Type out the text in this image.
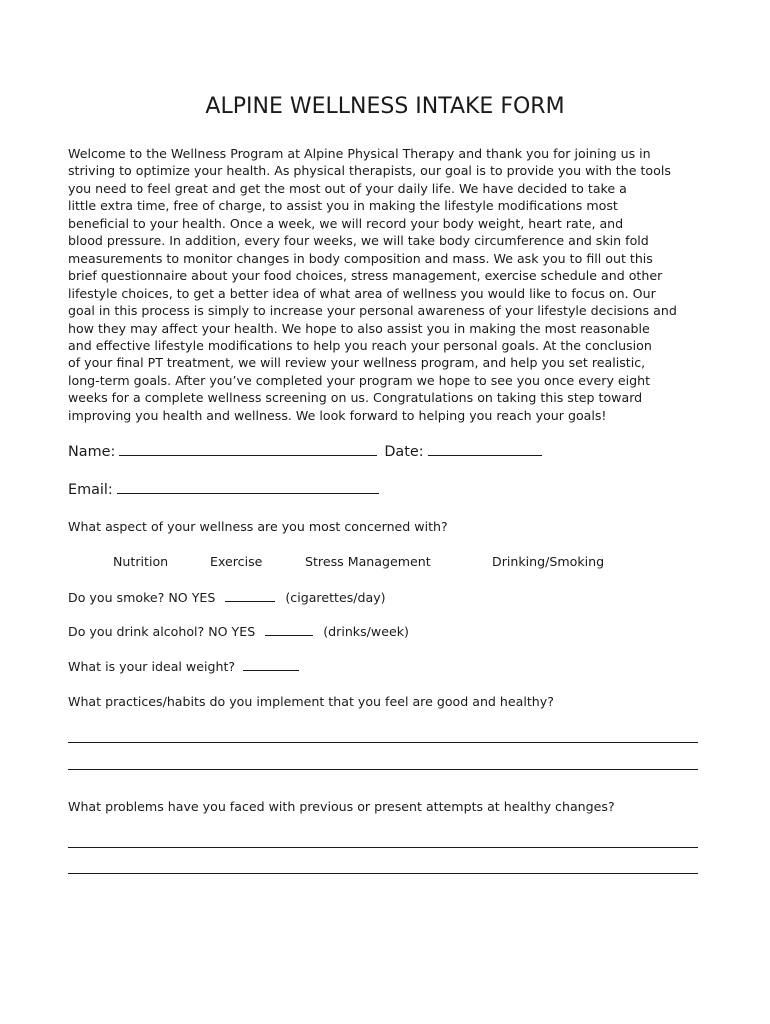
ALPINE WELLNESS INTAKE FORM
Welcome to the Wellness Program at Alpine Physical Therapy and thank you for joining us in
striving to optimize your health. As physical therapists, our goal is to provide you with the tools
you need to feel great and get the most out of your daily life. We have decided to take a
little extra time, free of charge, to assist you in making the lifestyle modifications most
beneficial to your health. Once a week, we will record your body weight, heart rate, and
blood pressure. In addition, every four weeks, we will take body circumference and skin fold
measurements to monitor changes in body composition and mass. We ask you to fill out this
brief questionnaire about your food choices, stress management, exercise schedule and other
lifestyle choices, to get a better idea of what area of wellness you would like to focus on. Our
goal in this process is simply to increase your personal awareness of your lifestyle decisions and
how they may affect your health. We hope to also assist you in making the most reasonable
and effective lifestyle modifications to help you reach your personal goals. At the conclusion
of your final PT treatment, we will review your wellness program, and help you set realistic,
long-term goals. After you’ve completed your program we hope to see you once every eight
weeks for a complete wellness screening on us. Congratulations on taking this step toward
improving you health and wellness. We look forward to helping you reach your goals!
Name:	Date:
Email:
What aspect of your wellness are you most concerned with?
Nutrition	Exercise	Stress Management	Drinking/Smoking
Do you smoke? NO YES	(cigarettes/day)
Do you drink alcohol? NO YES	(drinks/week)
What is your ideal weight?
What practices/habits do you implement that you feel are good and healthy?
What problems have you faced with previous or present attempts at healthy changes?
